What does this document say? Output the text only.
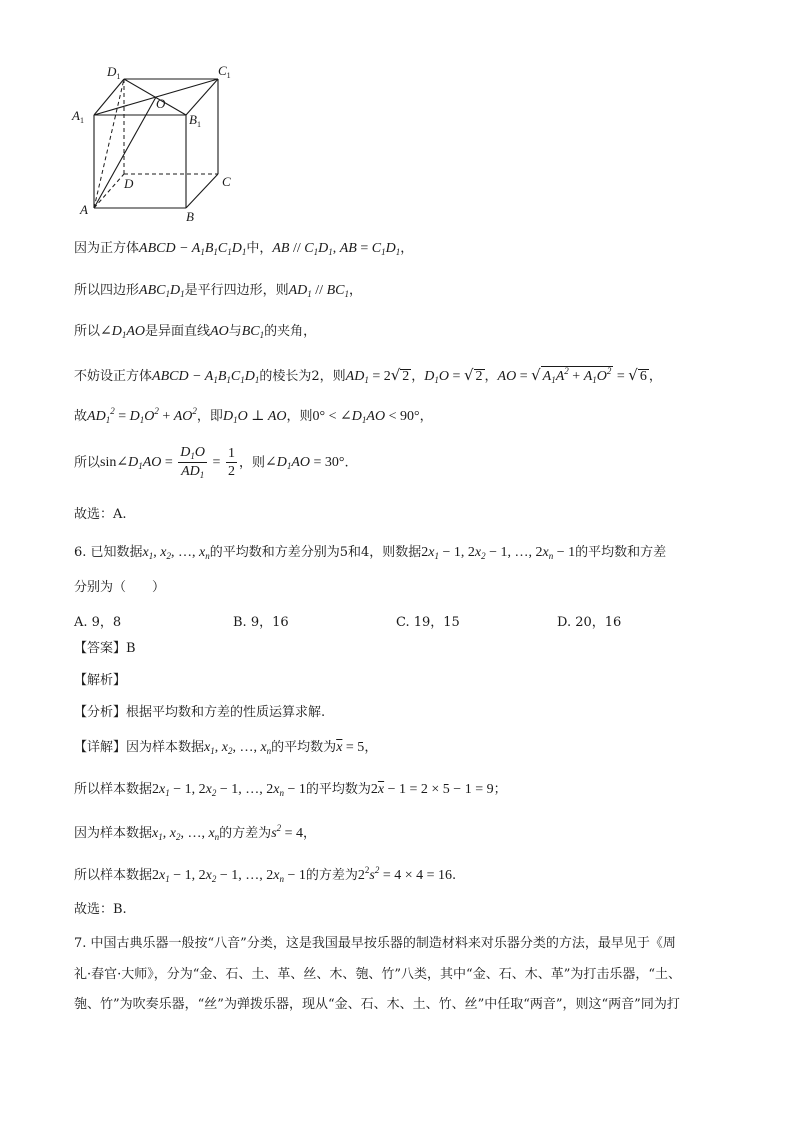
$D_1$	$C_1$
$A_1$	$B_1$
O
D	C
A	B
因为正方体ABCD − $A_1B_1C_1D_1$中，AB // $C_1D_1$, AB = $C_1D_1$，
所以四边形$ABC_1D_1$是平行四边形，则$AD_1 // BC_1$，
所以$\angle D_1AO$是异面直线AO与$BC_1$的夹角，
不妨设正方体ABCD − $A_1B_1C_1D_1$的棱长为2，则$AD_1 = 2√$ 2 ，$D_1O$ = √ 2 ，AO = √ $A_1A^2 + A_1O^2$ = √ 6 ，
故$AD_1^2 = D_1O^2 + AO^2$，即$D_1O$ ⊥ AO，则$0^\circ < \angle D_1AO < 90^\circ$，
所以$\sin\angle D_1AO = \frac{D_1O}{AD_1} = \frac{1}{2}$ ，则$\angle D_1AO = 30^\circ$.
故选：A.
6. 已知数据$x_1$, $x_2$, …, $x_n$的平均数和方差分别为5和4，则数据$2x_1 - 1$, $2x_2 - 1$, …, $2x_n - 1$的平均数和方差
分别为（　　）
A. 9，8	B. 9，16	C. 19，15	D. 20，16
【答案】B
【解析】
【分析】根据平均数和方差的性质运算求解.
【详解】因为样本数据$x_1$, $x_2$, …, $x_n$的平均数为$\overline{x} = 5$，
所以样本数据$2x_1 - 1$, $2x_2 - 1$, …, $2x_n - 1$的平均数为$2\overline{x} - 1 = 2 \times 5 - 1 = 9$；
因为样本数据$x_1$, $x_2$, …, $x_n$的方差为$s^2 = 4$，
所以样本数据$2x_1 - 1$, $2x_2 - 1$, …, $2x_n - 1$的方差为$2^2s^2 = 4 \times 4 = 16$.
故选：B.
7. 中国古典乐器一般按“八音”分类，这是我国最早按乐器的制造材料来对乐器分类的方法，最早见于《周
礼·春官·大师》，分为“金、石、土、革、丝、木、匏、竹”八类，其中“金、石、木、革”为打击乐器，“土、
匏、竹”为吹奏乐器，“丝”为弹拨乐器，现从“金、石、木、土、竹、丝”中任取“两音”，则这“两音”同为打
